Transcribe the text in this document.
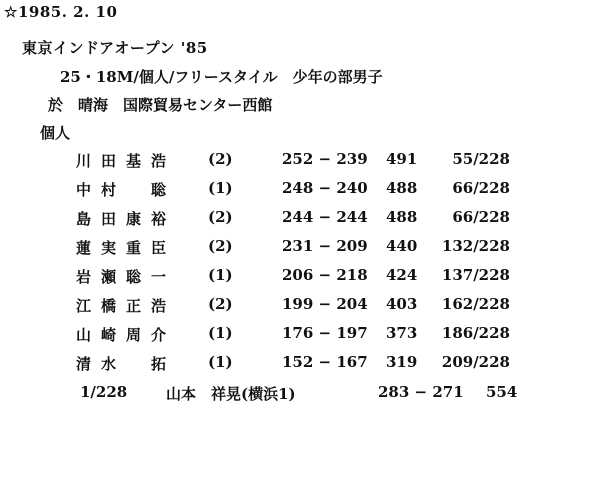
☆1985. 2. 10
東京インドアオープン '85
25・18M/個人/フリースタイル　少年の部男子
於　晴海　国際貿易センター西館
個人
川田基浩 (2)	252 − 239 491	55/228
中村　聡 (1)	248 − 240 488	66/228
島田康裕 (2)	244 − 244 488	66/228
蓮実重臣 (2)	231 − 209 440	132/228
岩瀬聡一 (1)	206 − 218 424	137/228
江橋正浩 (2)	199 − 204 403	162/228
山崎周介 (1)	176 − 197 373	186/228
清水　拓 (1)	152 − 167 319	209/228
1/228	山本　祥晃(横浜1)	283 − 271 554
